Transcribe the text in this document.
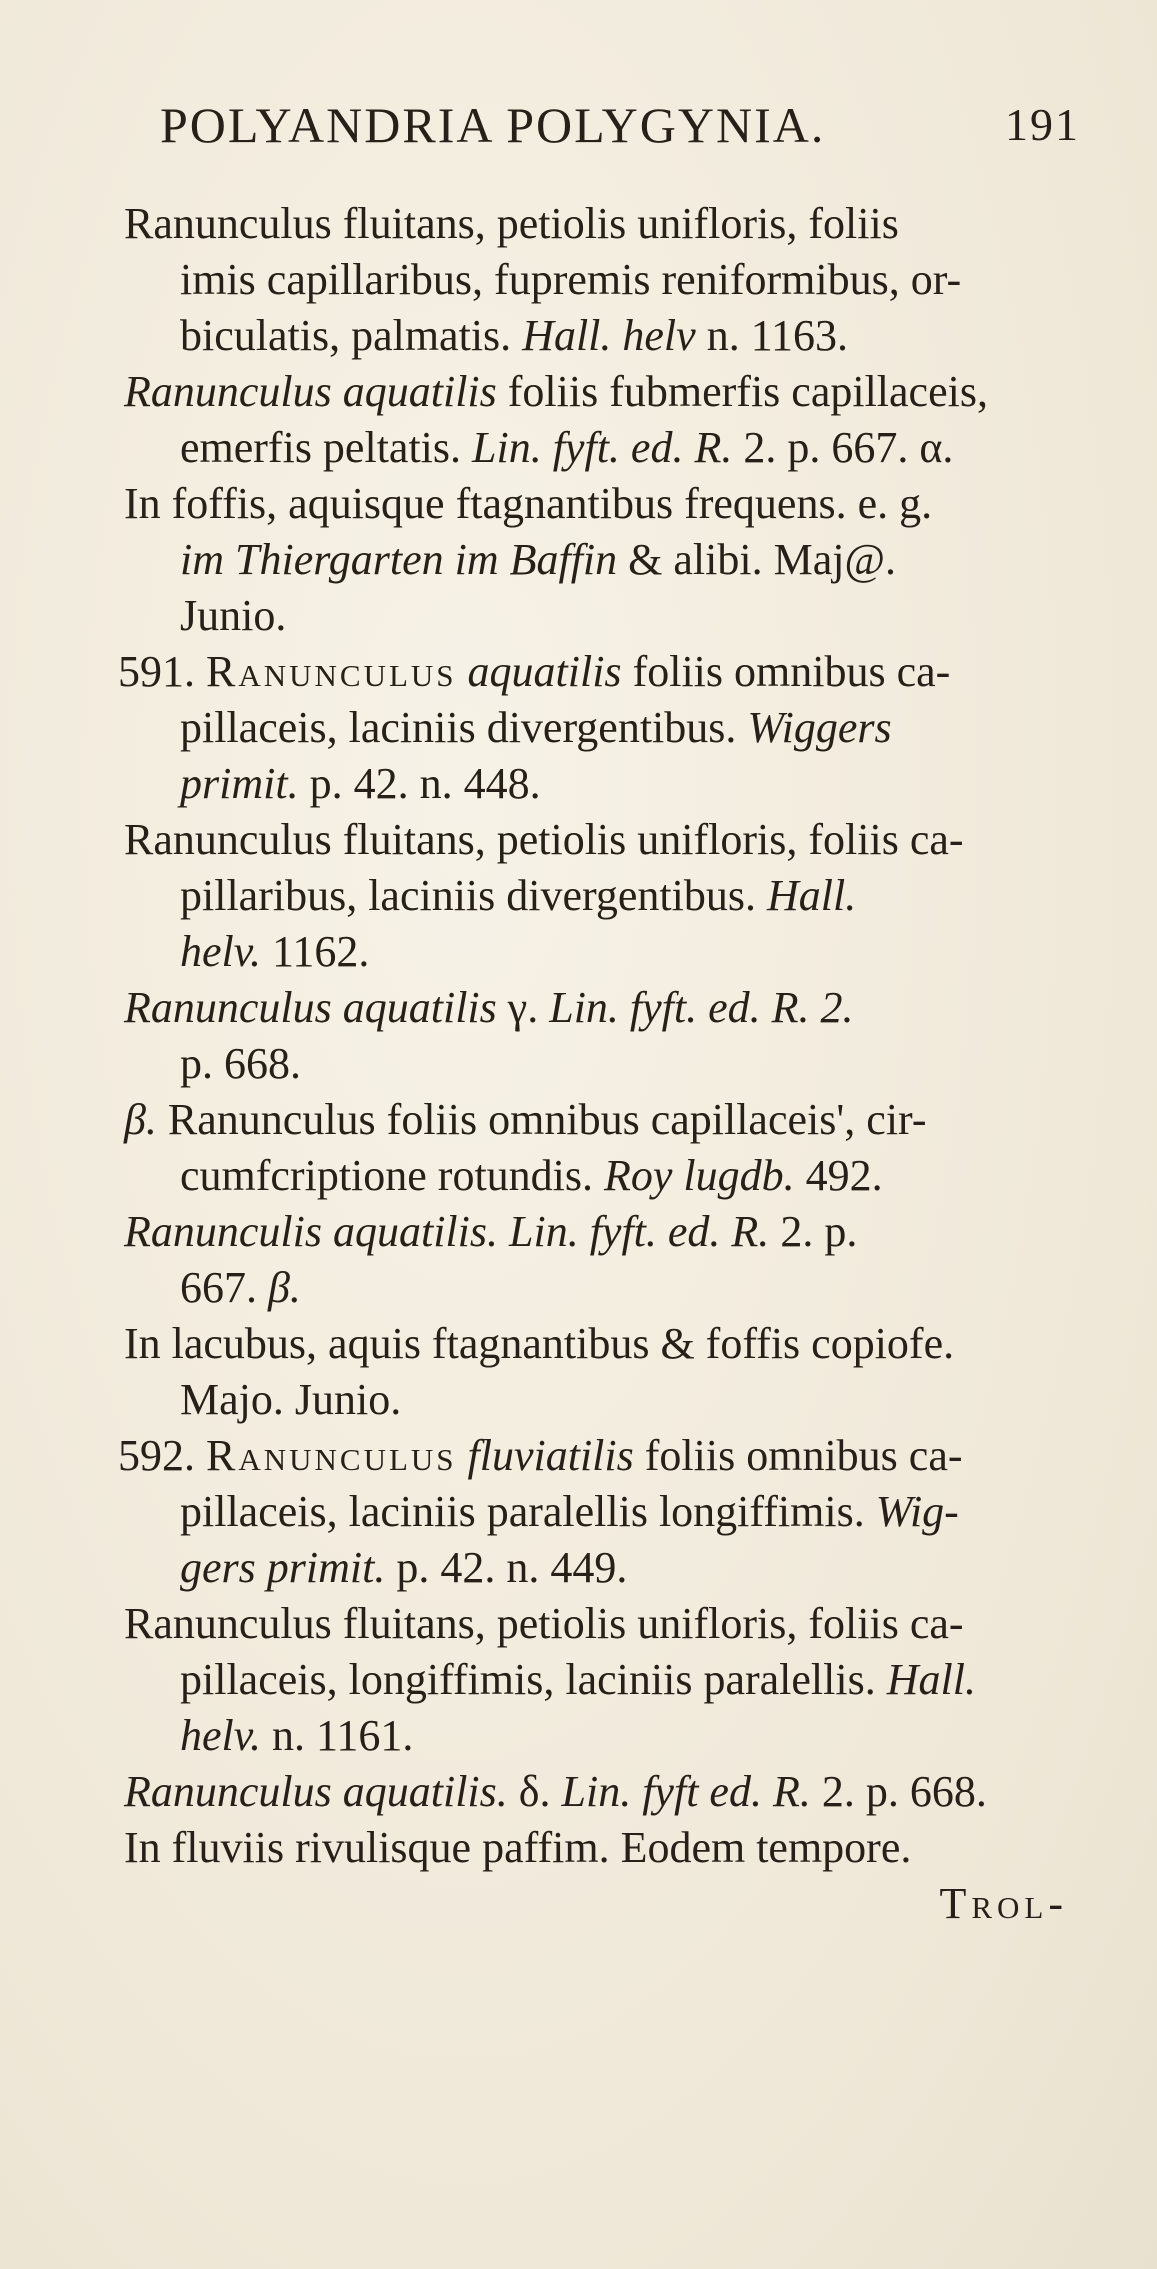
POLYANDRIA POLYGYNIA.	191
Ranunculus fluitans, petiolis unifloris, foliis
imis capillaribus, fupremis reniformibus, or-
biculatis, palmatis. Hall. helv n. 1163.
Ranunculus aquatilis foliis fubmerfis capillaceis,
emerfis peltatis. Lin. fyft. ed. R. 2. p. 667. α.
In foffis, aquisque ftagnantibus frequens. e. g.
im Thiergarten im Baffin & alibi. Maj@.
Junio.
591. Ranunculus aquatilis foliis omnibus ca-
pillaceis, laciniis divergentibus. Wiggers
primit. p. 42. n. 448.
Ranunculus fluitans, petiolis unifloris, foliis ca-
pillaribus, laciniis divergentibus. Hall.
helv. 1162.
Ranunculus aquatilis γ. Lin. fyft. ed. R. 2.
p. 668.
β. Ranunculus foliis omnibus capillaceis', cir-
cumfcriptione rotundis. Roy lugdb. 492.
Ranunculis aquatilis. Lin. fyft. ed. R. 2. p.
667. β.
In lacubus, aquis ftagnantibus & foffis copiofe.
Majo. Junio.
592. Ranunculus fluviatilis foliis omnibus ca-
pillaceis, laciniis paralellis longiffimis. Wig-
gers primit. p. 42. n. 449.
Ranunculus fluitans, petiolis unifloris, foliis ca-
pillaceis, longiffimis, laciniis paralellis. Hall.
helv. n. 1161.
Ranunculus aquatilis. δ. Lin. fyft ed. R. 2. p. 668.
In fluviis rivulisque paffim. Eodem tempore.
Trol-
